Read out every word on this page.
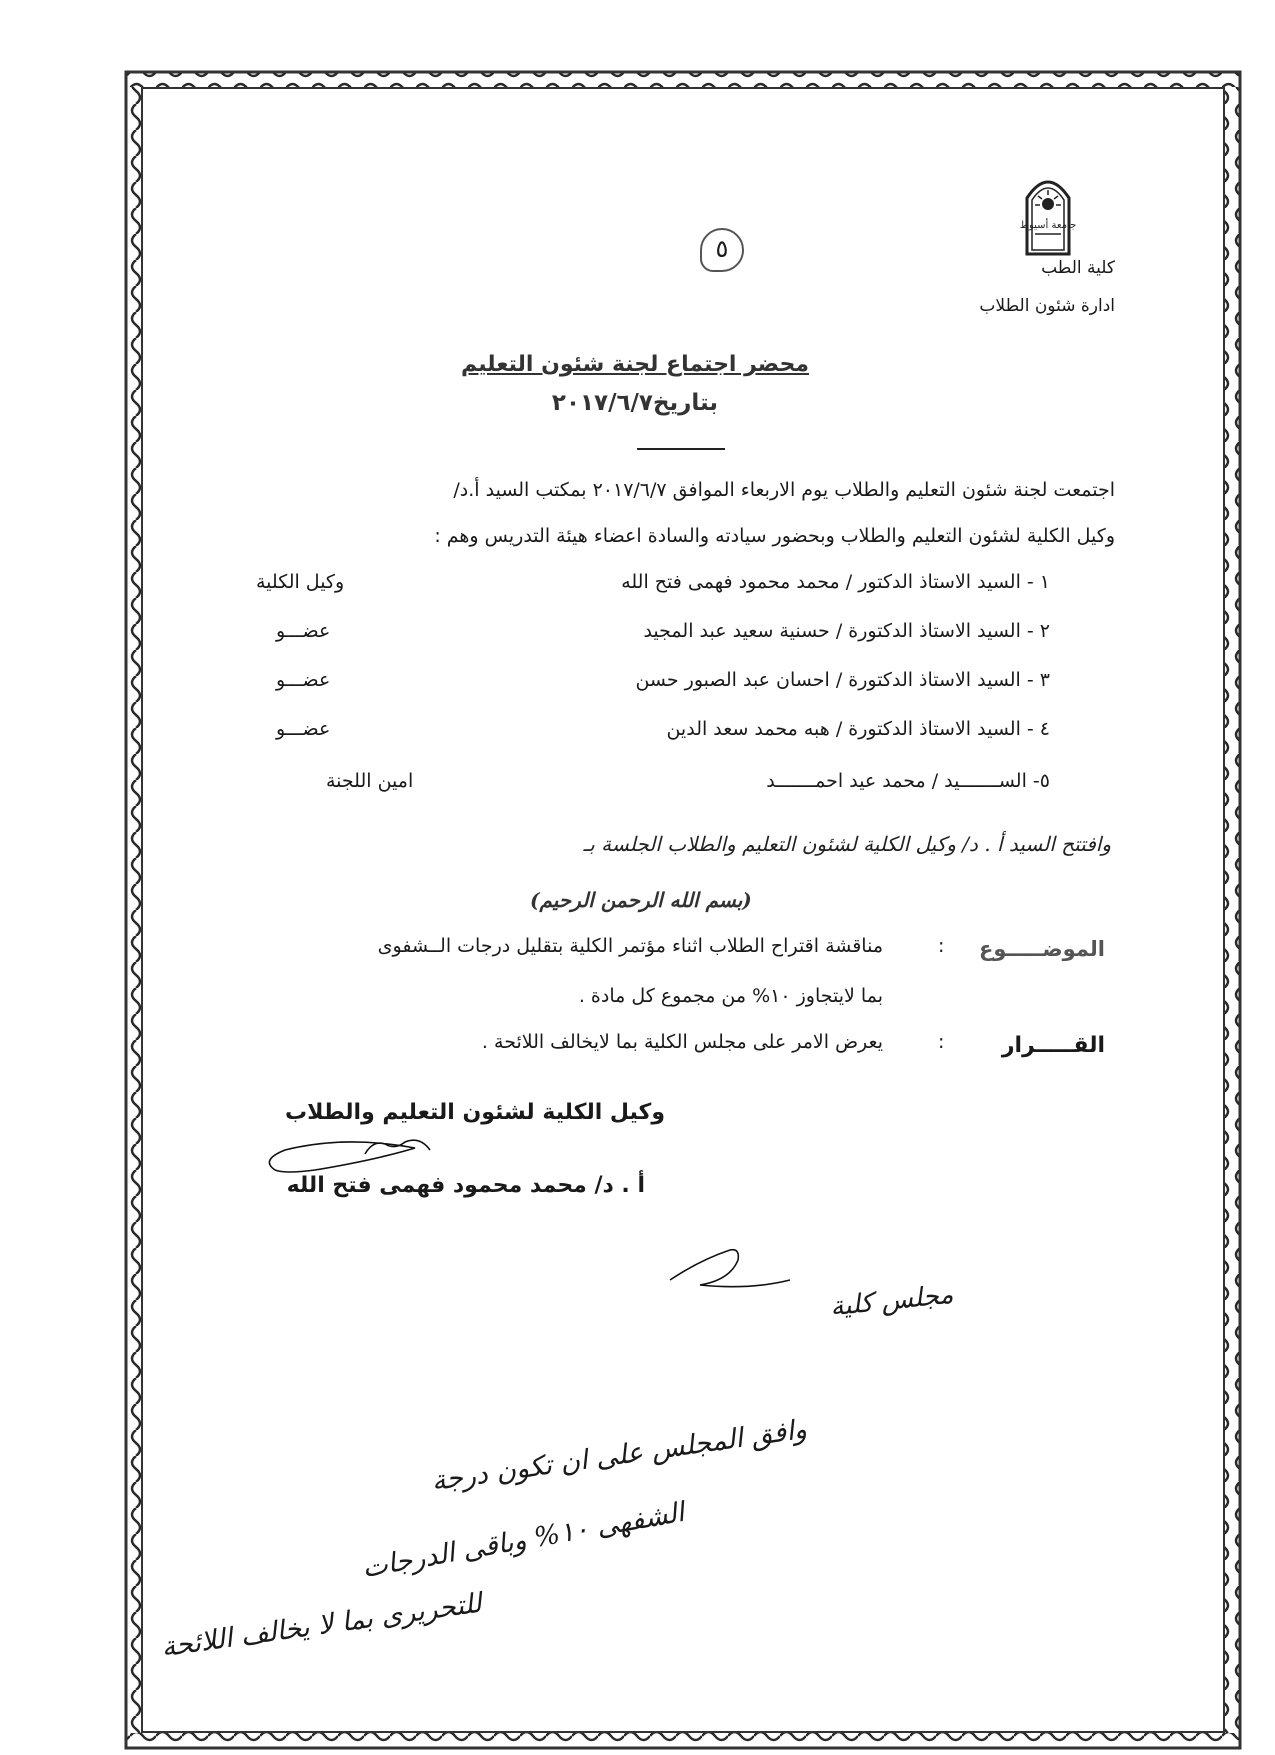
جامعة أسيوط
كلية الطب
ادارة شئون الطلاب
٥
محضر اجتماع لجنة شئون التعليم
بتاريخ٢٠١٧/٦/٧
اجتمعت لجنة شئون التعليم والطلاب يوم الاربعاء الموافق ٢٠١٧/٦/٧ بمكتب السيد أ.د/
وكيل الكلية لشئون التعليم والطلاب وبحضور سيادته والسادة اعضاء هيئة التدريس وهم :
١ - السيد الاستاذ الدكتور / محمد محمود فهمى فتح الله
وكيل الكلية
٢ - السيد الاستاذ الدكتورة / حسنية سعيد عبد المجيد
عضـــو
٣ - السيد الاستاذ الدكتورة / احسان عبد الصبور حسن
عضـــو
٤ - السيد الاستاذ الدكتورة / هبه محمد سعد الدين
عضـــو
٥- الســـــــيد / محمد عيد احمـــــــد
امين اللجنة
وافتتح السيد أ . د/ وكيل الكلية لشئون التعليم والطلاب الجلسة بـ
(بسم الله الرحمن الرحيم)
الموضـــــوع
:
مناقشة اقتراح الطلاب اثناء مؤتمر الكلية بتقليل درجات الــشفوى
بما لايتجاوز ١٠% من مجموع كل مادة .
القـــــرار
:
يعرض الامر على مجلس الكلية بما لايخالف اللائحة .
وكيل الكلية لشئون التعليم والطلاب
أ . د/ محمد محمود فهمى فتح الله
مجلس كلية
وافق المجلس على ان تكون درجة
الشفهى ١٠% وباقى الدرجات
للتحريرى بما لا يخالف اللائحة
